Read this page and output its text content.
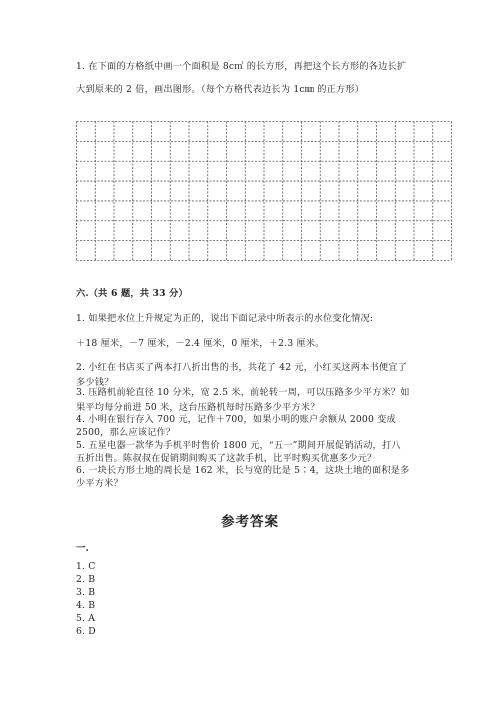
1. 在下面的方格纸中画一个面积是 8c㎡ 的长方形，再把这个长方形的各边长扩
大到原来的 2 倍，画出图形。（每个方格代表边长为 1c㎜ 的正方形）
六.（共 6 题，共 33 分）
1. 如果把水位上升规定为正的，说出下面记录中所表示的水位变化情况:
＋18 厘米，－7 厘米，－2.4 厘米，0 厘米，＋2.3 厘米。
2. 小红在书店买了两本打八折出售的书，共花了 42 元，小红买这两本书便宜了
多少钱？
3. 压路机前轮直径 10 分米，宽 2.5 米，前轮转一周，可以压路多少平方米？如
果平均每分前进 50 米，这台压路机每时压路多少平方米？
4. 小明在银行存入 700 元，记作＋700，如果小明的账户余额从 2000 变成
2500，那么应该记作？
5. 五星电器一款华为手机平时售价 1800 元，“五一”期间开展促销活动，打八
五折出售。陈叔叔在促销期间购买了这款手机，比平时购买优惠多少元？
6. 一块长方形土地的周长是 162 米，长与宽的比是 5∶4，这块土地的面积是多
少平方米？
参考答案
一.
1. C
2. B
3. B
4. B
5. A
6. D
